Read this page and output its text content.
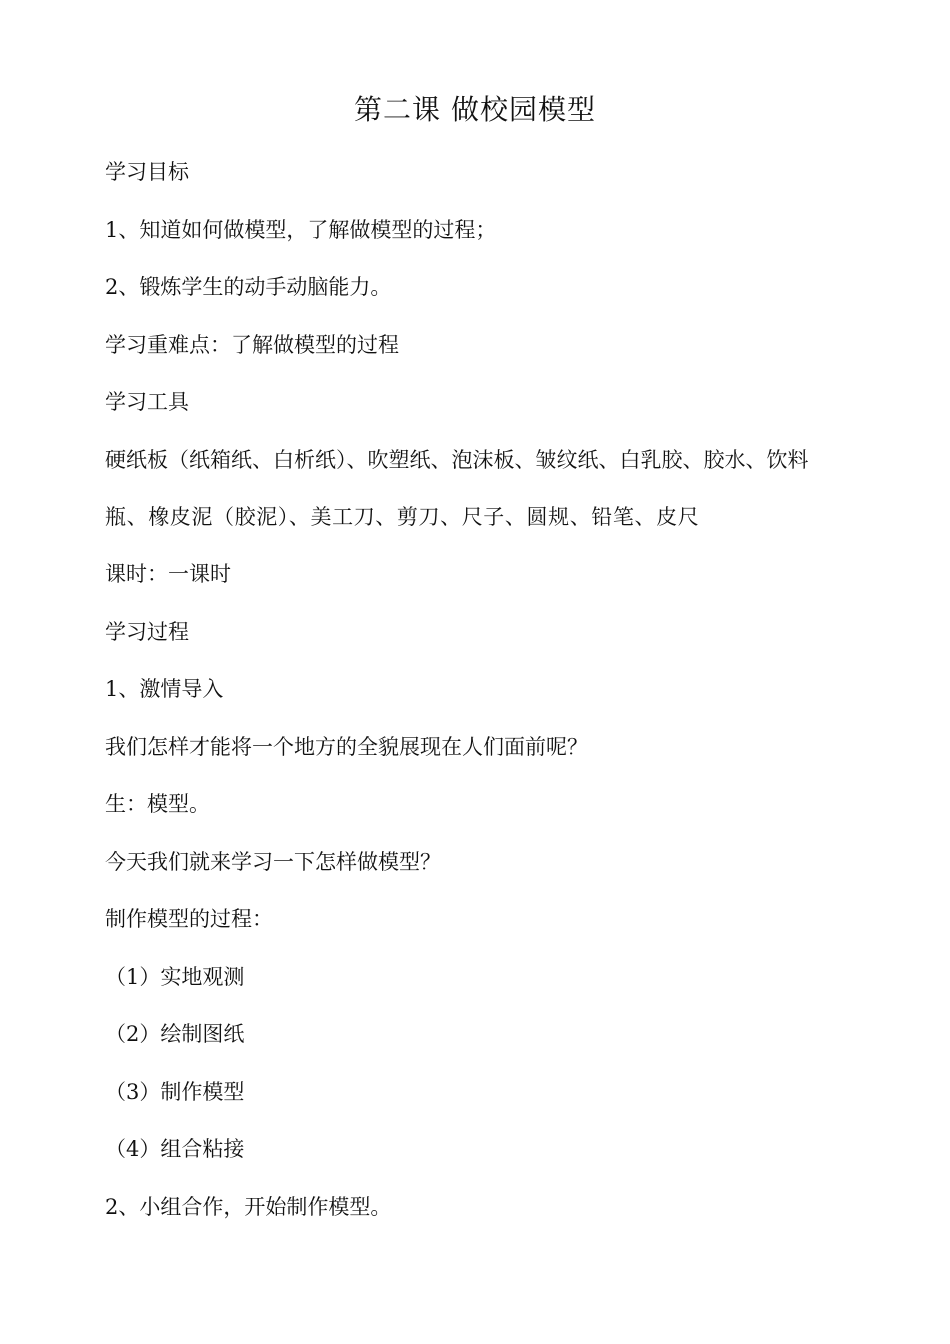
第二课 做校园模型

学习目标

1、知道如何做模型，了解做模型的过程；

2、锻炼学生的动手动脑能力。

学习重难点：了解做模型的过程

学习工具

硬纸板（纸箱纸、白析纸）、吹塑纸、泡沫板、皱纹纸、白乳胶、胶水、饮料

瓶、橡皮泥（胶泥）、美工刀、剪刀、尺子、圆规、铅笔、皮尺

课时：一课时

学习过程

1、激情导入

我们怎样才能将一个地方的全貌展现在人们面前呢？

生：模型。

今天我们就来学习一下怎样做模型？

制作模型的过程：

（1）实地观测

（2）绘制图纸

（3）制作模型

（4）组合粘接

2、小组合作，开始制作模型。
